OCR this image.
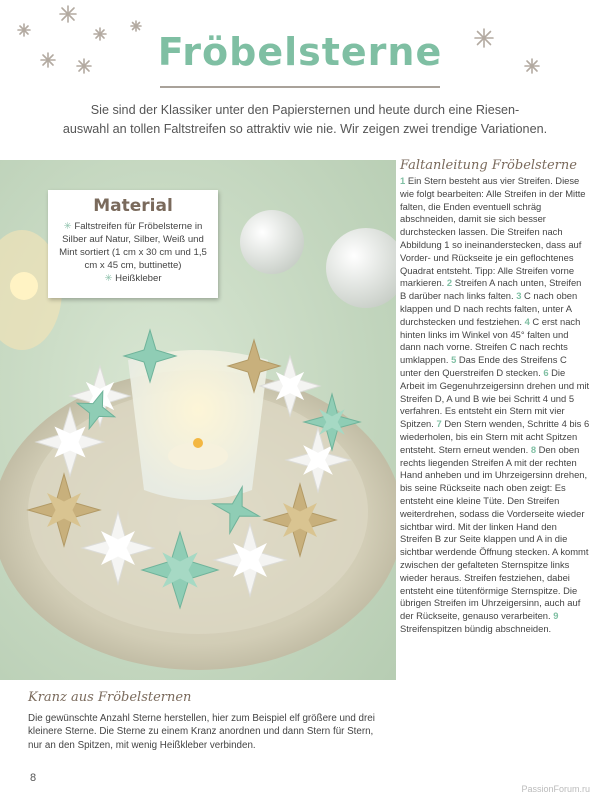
Fröbelsterne

Sie sind der Klassiker unter den Papiersternen und heute durch eine Riesen-
auswahl an tollen Faltstreifen so attraktiv wie nie. Wir zeigen zwei trendige Variationen.

Material
✳ Faltstreifen für Fröbelsterne in Silber auf Natur, Silber, Weiß und Mint sortiert (1 cm x 30 cm und 1,5 cm x 45 cm, buttinette)
✳ Heißkleber
Faltanleitung Fröbelsterne
1 Ein Stern besteht aus vier Streifen. Diese wie folgt bearbeiten: Alle Streifen in der Mitte falten, die Enden eventuell schräg abschneiden, damit sie sich besser durchstecken lassen. Die Streifen nach Abbildung 1 so ineinanderstecken, dass auf Vorder- und Rückseite je ein geflochtenes Quadrat entsteht. Tipp: Alle Streifen vorne markieren. 2 Streifen A nach unten, Streifen B darüber nach links falten. 3 C nach oben klappen und D nach rechts falten, unter A durchstecken und festziehen. 4 C erst nach hinten links im Winkel von 45° falten und dann nach vorne. Streifen C nach rechts umklappen. 5 Das Ende des Streifens C unter den Querstreifen D stecken. 6 Die Arbeit im Gegenuhrzeigersinn drehen und mit Streifen D, A und B wie bei Schritt 4 und 5 verfahren. Es entsteht ein Stern mit vier Spitzen. 7 Den Stern wenden, Schritte 4 bis 6 wiederholen, bis ein Stern mit acht Spitzen entsteht. Stern erneut wenden. 8 Den oben rechts liegenden Streifen A mit der rechten Hand anheben und im Uhrzeigersinn drehen, bis seine Rückseite nach oben zeigt: Es entsteht eine kleine Tüte. Den Streifen weiterdrehen, sodass die Vorderseite wieder sichtbar wird. Mit der linken Hand den Streifen B zur Seite klappen und A in die sichtbar werdende Öffnung stecken. A kommt zwischen der gefalteten Sternspitze links wieder heraus. Streifen festziehen, dabei entsteht eine tütenförmige Sternspitze. Die übrigen Streifen im Uhrzeigersinn, auch auf der Rückseite, genauso verarbeiten. 9 Streifenspitzen bündig abschneiden.
Kranz aus Fröbelsternen

Die gewünschte Anzahl Sterne herstellen, hier zum Beispiel elf größere und drei kleinere Sterne. Die Sterne zu einem Kranz anordnen und dann Stern für Stern, nur an den Spitzen, mit wenig Heißkleber verbinden.

8
PassionForum.ru
